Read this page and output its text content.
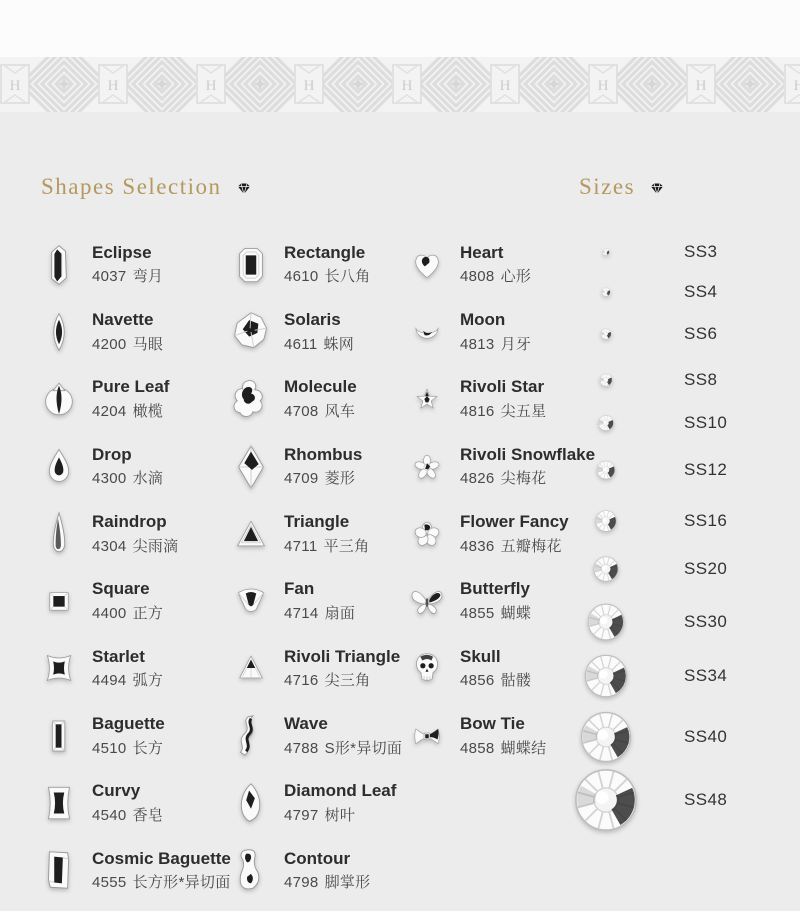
Shapes Selection	Sizes
Eclipse
4037 弯月
Navette
4200 马眼
Pure Leaf
4204 橄榄
Drop
4300 水滴
Raindrop
4304 尖雨滴
Square
4400 正方
Starlet
4494 弧方
Baguette
4510 长方
Curvy
4540 香皂
Cosmic Baguette
4555 长方形*异切面
Rectangle
4610 长八角
Solaris
4611 蛛网
Molecule
4708 风车
Rhombus
4709 菱形
Triangle
4711 平三角
Fan
4714 扇面
Rivoli Triangle
4716 尖三角
Wave
4788 S形*异切面
Diamond Leaf
4797 树叶
Contour
4798 脚掌形
Heart
4808 心形
Moon
4813 月牙
Rivoli Star
4816 尖五星
Rivoli Snowflake
4826 尖梅花
Flower Fancy
4836 五瓣梅花
Butterfly
4855 蝴蝶
Skull
4856 骷髅
Bow Tie
4858 蝴蝶结
SS3
SS4
SS6
SS8
SS10
SS12
SS16
SS20
SS30
SS34
SS40
SS48
